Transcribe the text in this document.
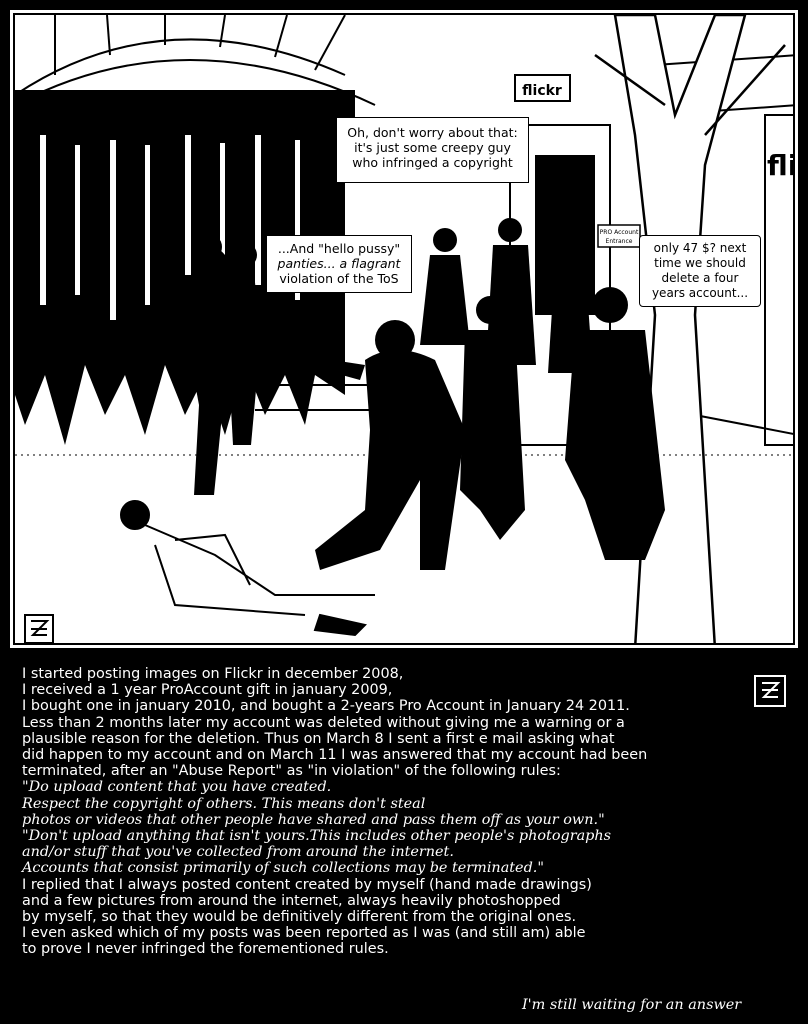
flickr
fli
PRO Account
Entrance
Oh, don't worry about that:
it's just some creepy guy
who infringed a copyright
...And "hello pussy"
panties... a flagrant
violation of the ToS
only 47 $? next
time we should
delete a four
years account...
I started posting images on Flickr in december 2008,
I received a 1 year ProAccount gift in january 2009,
I bought one in january 2010, and bought a 2-years Pro Account in January 24 2011.
Less than 2 months later my account was deleted without giving me a warning or a
plausible reason for the deletion. Thus on March 8 I sent a first e mail asking what
did happen to my account and on March 11 I was answered that my account had been
terminated, after an "Abuse Report" as "in violation" of the following rules:
"Do upload content that you have created.
Respect the copyright of others. This means don't steal
photos or videos that other people have shared and pass them off as your own."
"Don't upload anything that isn't yours.This includes other people's photographs
and/or stuff that you've collected from around the internet.
Accounts that consist primarily of such collections may be terminated."
I replied that I always posted content created by myself (hand made drawings)
and a few pictures from around the internet, always heavily photoshopped
by myself, so that they would be definitively different from the original ones.
I even asked which of my posts was been reported as I was (and still am) able
to prove I never infringed the forementioned rules.
I'm still waiting for an answer
